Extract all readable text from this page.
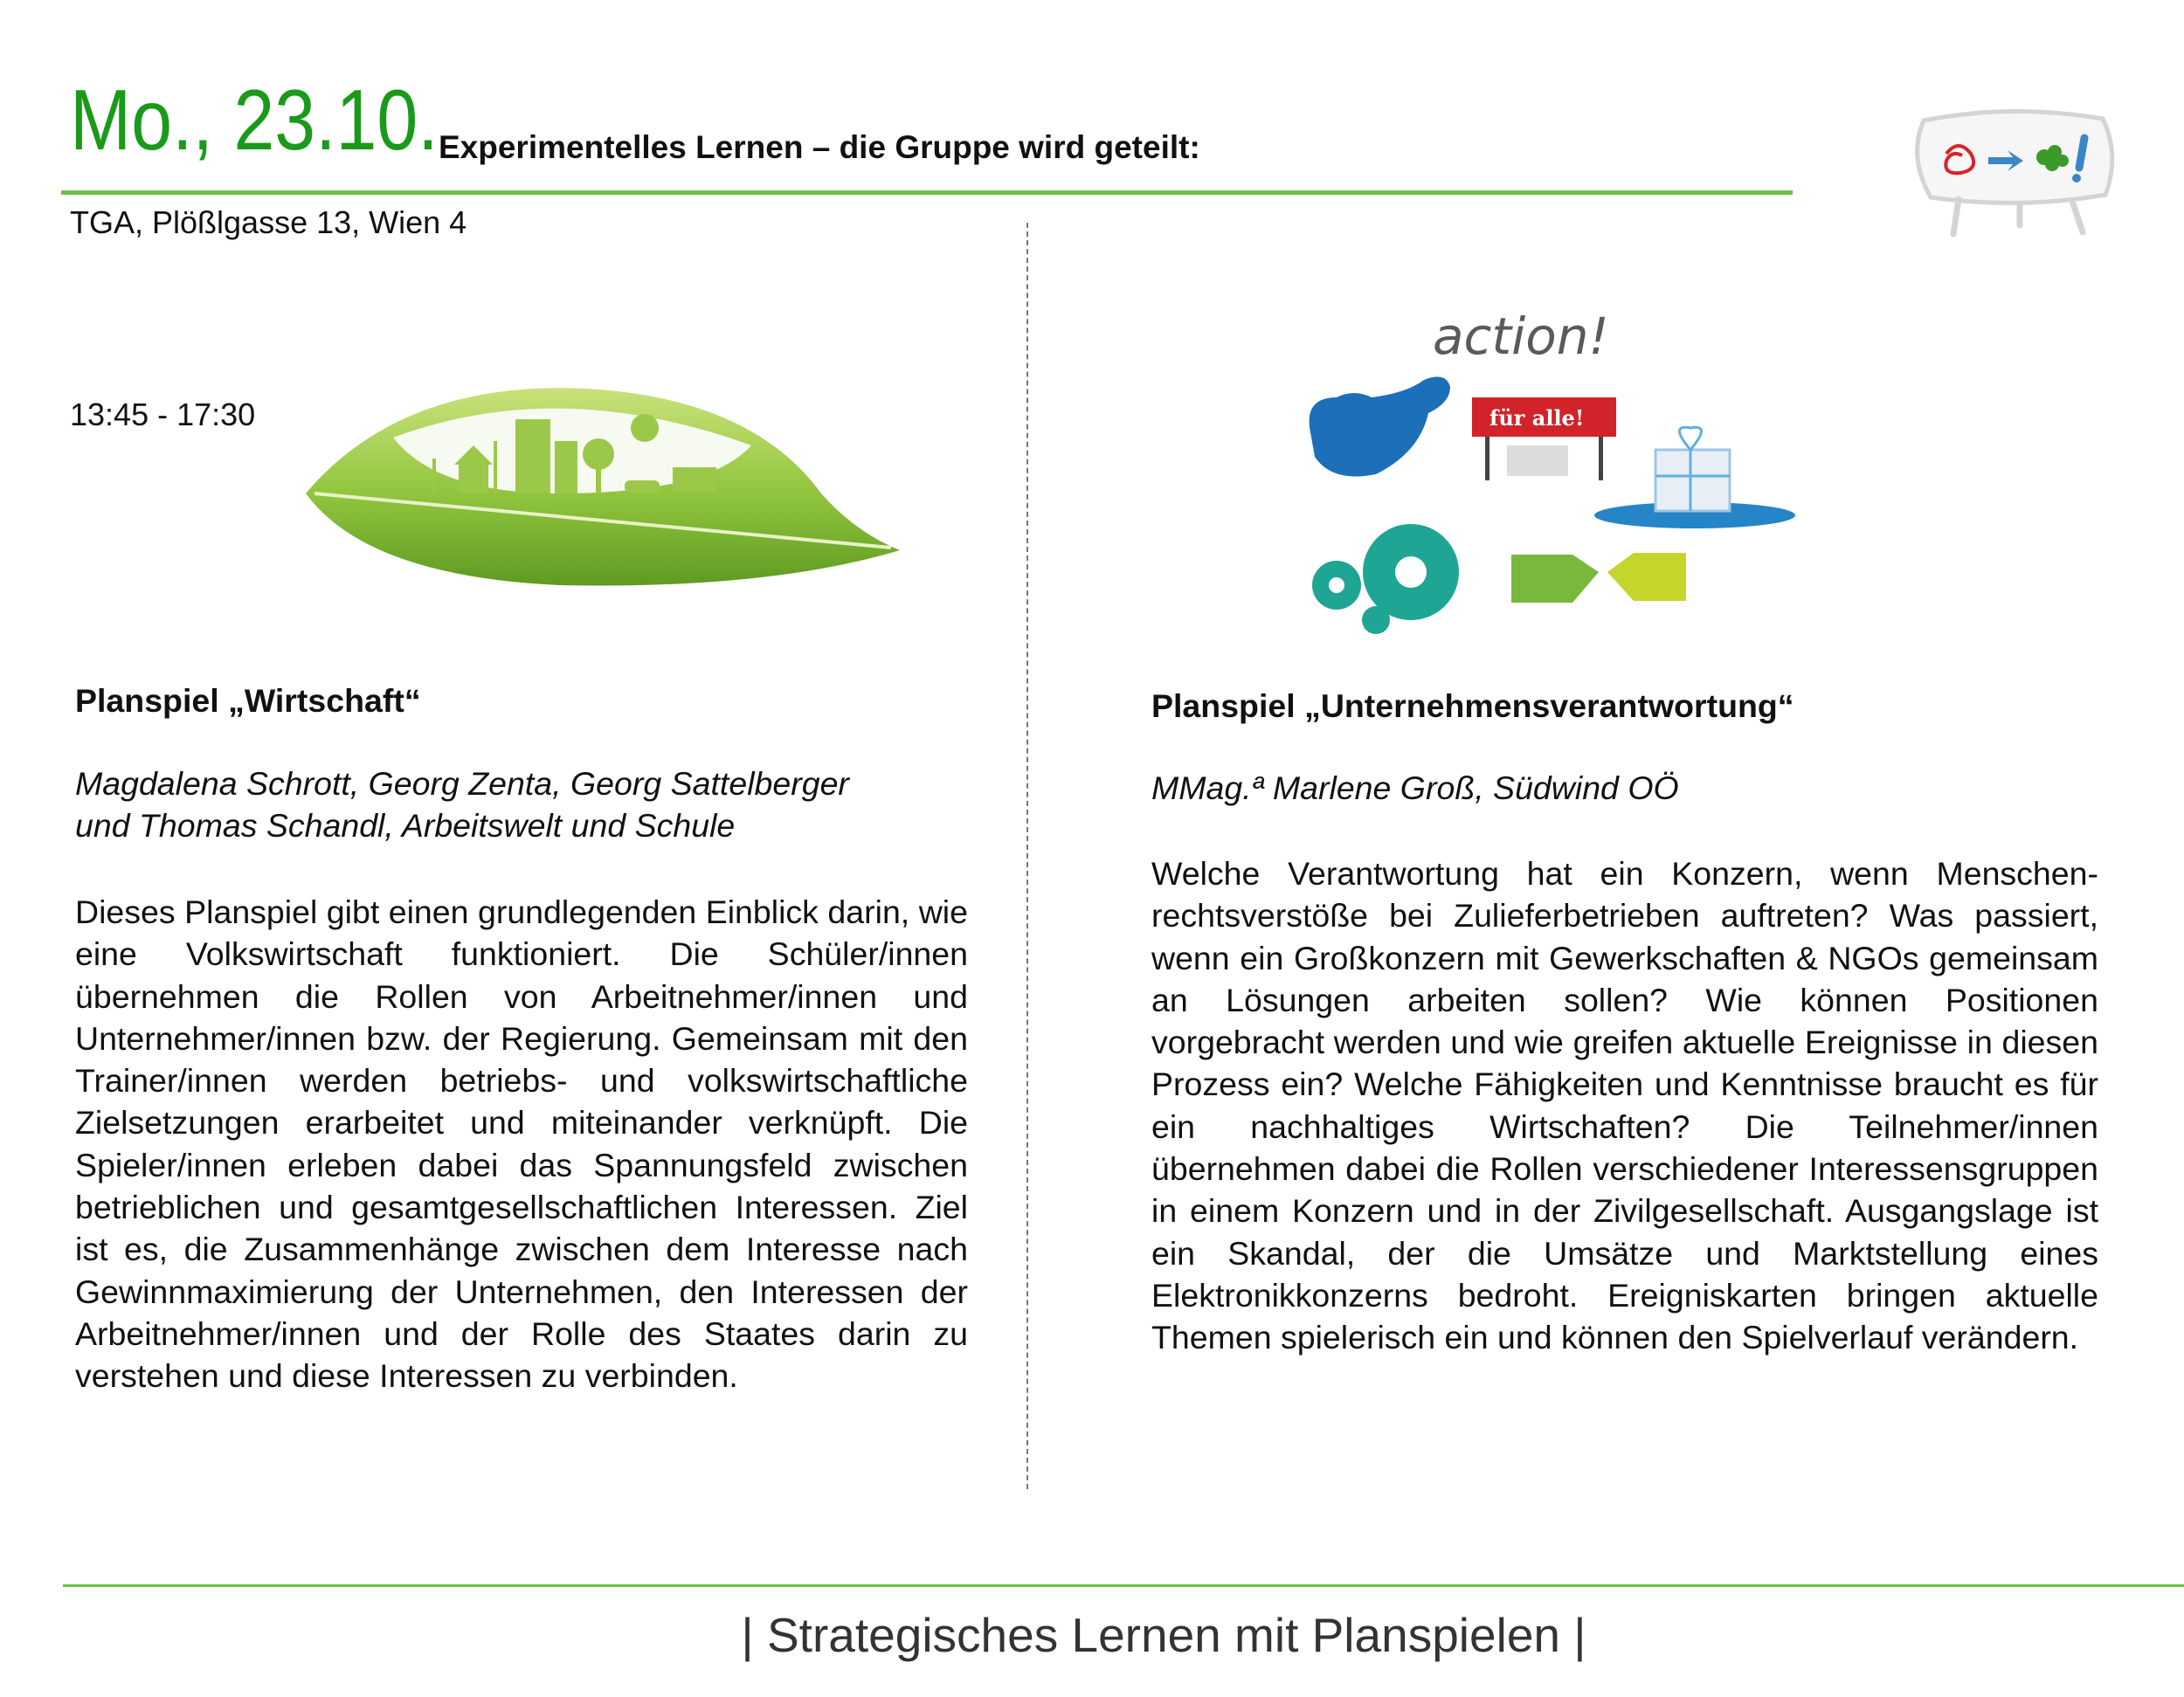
Mo., 23.10. Experimentelles Lernen – die Gruppe wird geteilt:
TGA, Plößlgasse 13, Wien 4
13:45 - 17:30
action!
für alle!

Planspiel „Wirtschaft“

Magdalena Schrott, Georg Zenta, Georg Sattelberger
und Thomas Schandl, Arbeitswelt und Schule

Dieses Planspiel gibt einen grundlegenden Einblick darin, wie eine Volkswirtschaft funktioniert. Die Schüler/innen übernehmen die Rollen von Arbeitnehmer/innen und Unternehmer/innen bzw. der Regierung. Gemeinsam mit den Trainer/innen werden betriebs- und volkswirtschaftliche Zielsetzungen erarbeitet und miteinander verknüpft. Die Spieler/innen erleben dabei das Spannungsfeld zwischen betrieblichen und gesamtgesellschaftlichen Interessen. Ziel ist es, die Zusammenhänge zwischen dem Interesse nach Gewinnmaximierung der Unternehmen, den Interessen der Arbeitnehmer/innen und der Rolle des Staates darin zu verstehen und diese Interessen zu verbinden.

Planspiel „Unternehmensverantwortung“

MMag.ª Marlene Groß, Südwind OÖ

Welche Verantwortung hat ein Konzern, wenn Menschenrechtsverstöße bei Zulieferbetrieben auftreten? Was passiert, wenn ein Großkonzern mit Gewerkschaften & NGOs gemeinsam an Lösungen arbeiten sollen? Wie können Positionen vorgebracht werden und wie greifen aktuelle Ereignisse in diesen Prozess ein? Welche Fähigkeiten und Kenntnisse braucht es für ein nachhaltiges Wirtschaften? Die Teilnehmer/innen übernehmen dabei die Rollen verschiedener Interessensgruppen in einem Konzern und in der Zivilgesellschaft. Ausgangslage ist ein Skandal, der die Umsätze und Marktstellung eines Elektronikkonzerns bedroht. Ereigniskarten bringen aktuelle Themen spielerisch ein und können den Spielverlauf verändern.

| Strategisches Lernen mit Planspielen |
